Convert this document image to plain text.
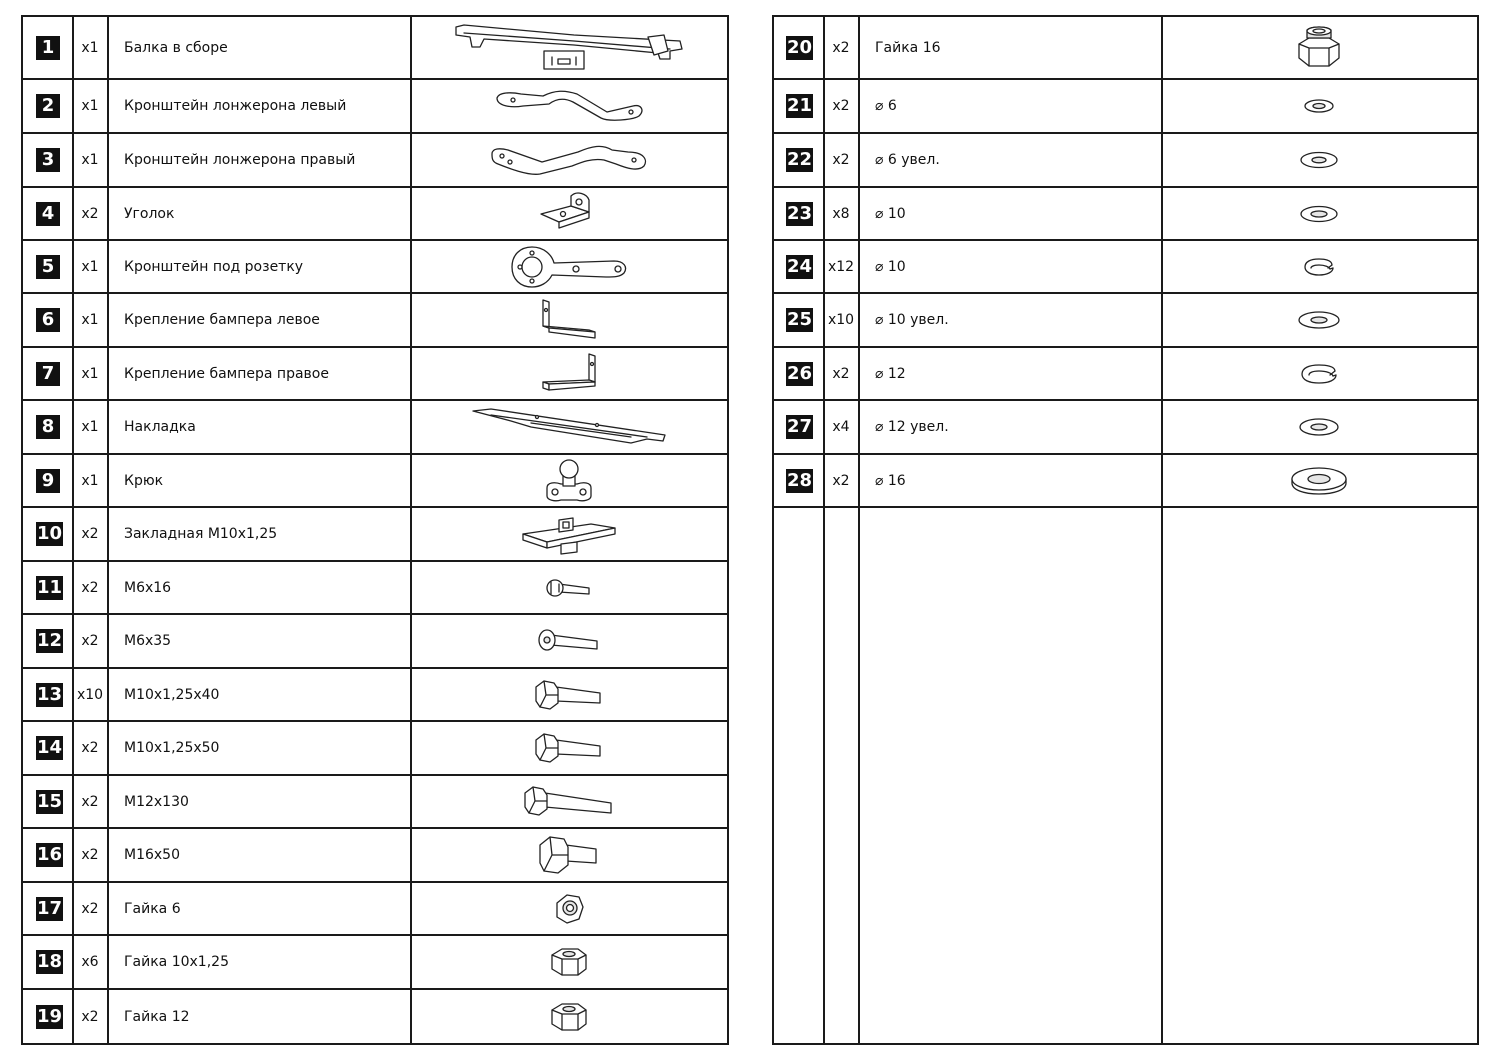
1	x1	Балка в сборе
2	x1	Кронштейн лонжерона левый
3	x1	Кронштейн лонжерона правый
4	x2	Уголок
5	x1	Кронштейн под розетку
6	x1	Крепление бампера левое
7	x1	Крепление бампера правое
8	x1	Накладка
9	x1	Крюк
10	x2	Закладная M10x1,25
11	x2	M6x16
12	x2	M6x35
13	x10	M10x1,25x40
14	x2	M10x1,25x50
15	x2	M12x130
16	x2	M16x50
17	x2	Гайка 6
18	x6	Гайка 10x1,25
19	x2	Гайка 12
20	x2	Гайка 16
21	x2	⌀ 6
22	x2	⌀ 6 увел.
23	x8	⌀ 10
24	x12	⌀ 10
25	x10	⌀ 10 увел.
26	x2	⌀ 12
27	x4	⌀ 12 увел.
28	x2	⌀ 16
